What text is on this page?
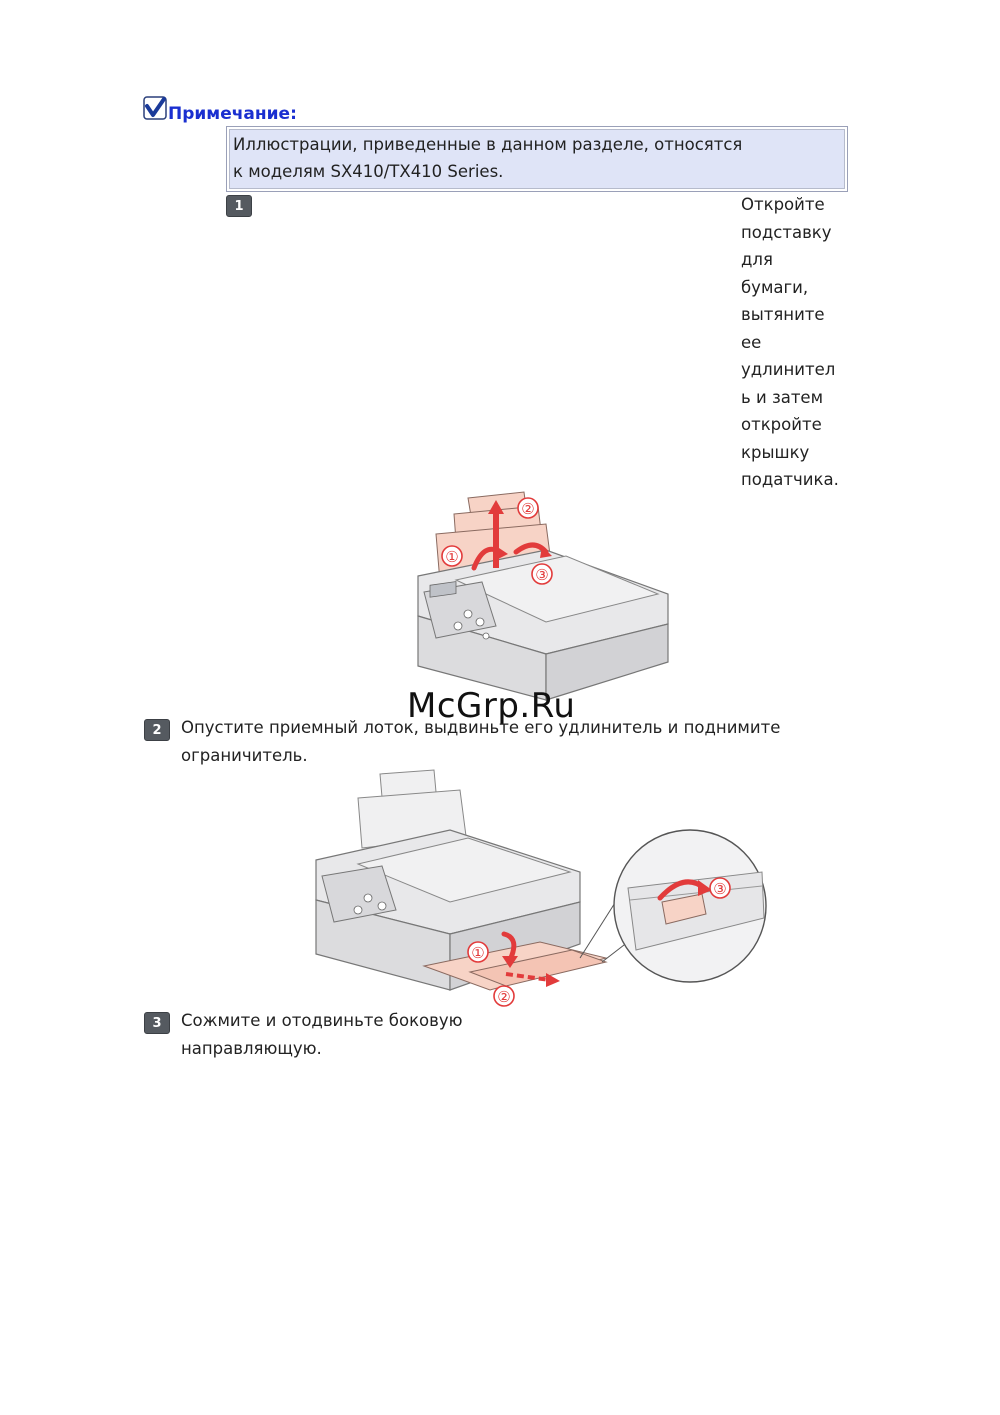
Примечание:
Иллюстрации, приведенные в данном разделе, относятся
к моделям SX410/TX410 Series.
1	Откройте
подставку
для
бумаги,
вытяните
ее
удлинител
ь и затем
откройте
крышку
податчика.
①
②
③
McGrp.Ru
2	Опустите приемный лоток, выдвиньте его удлинитель и поднимите
ограничитель.
①
②
③
3	Сожмите и отодвиньте боковую
направляющую.
